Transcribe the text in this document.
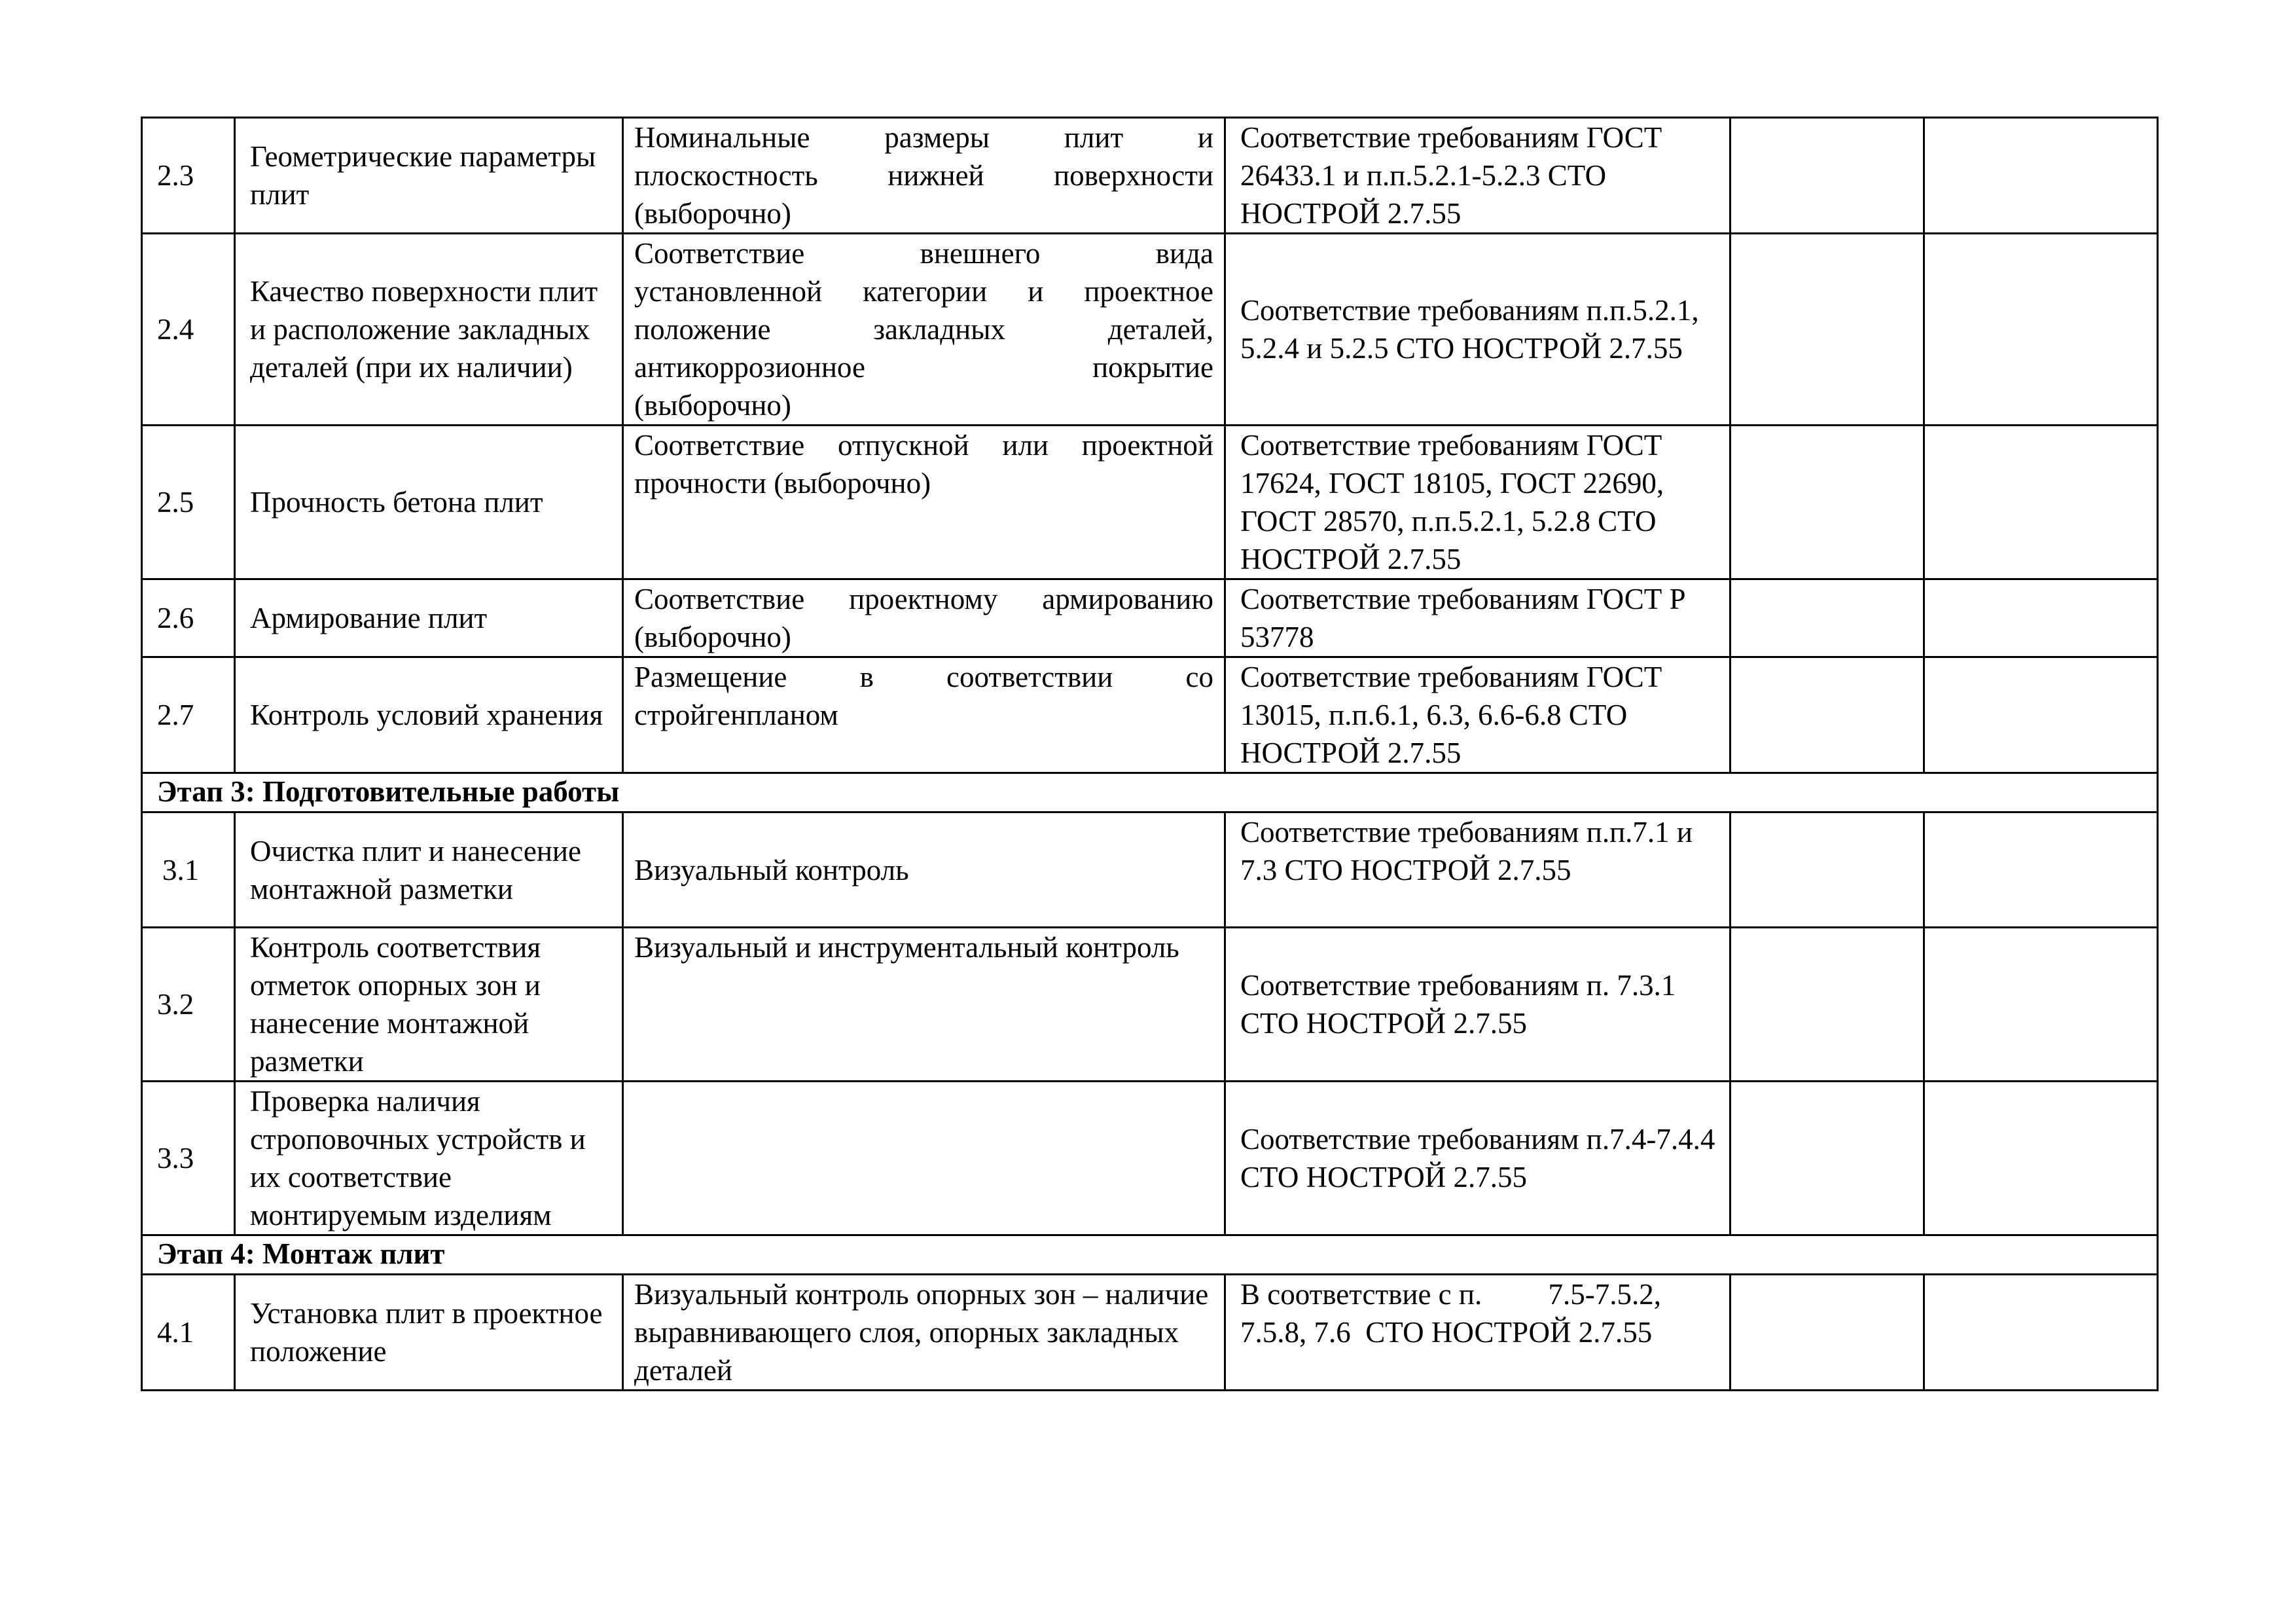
2.3	Геометрические параметры плит	Номинальные размеры плит и
плоскостность нижней поверхности
(выборочно)	Соответствие требованиям ГОСТ 26433.1 и п.п.5.2.1-5.2.3 СТО НОСТРОЙ 2.7.55		
2.4	Качество поверхности плит и расположение закладных деталей (при их наличии)	Соответствие внешнего вида
установленной категории и проектное
положение закладных деталей,
антикоррозионное покрытие
(выборочно)	Соответствие требованиям п.п.5.2.1, 5.2.4 и 5.2.5 СТО НОСТРОЙ 2.7.55		
2.5	Прочность бетона плит	Соответствие отпускной или проектной
прочности (выборочно)	Соответствие требованиям ГОСТ 17624, ГОСТ 18105, ГОСТ 22690, ГОСТ 28570, п.п.5.2.1, 5.2.8 СТО НОСТРОЙ 2.7.55		
2.6	Армирование плит	Соответствие проектному армированию
(выборочно)	Соответствие требованиям ГОСТ Р 53778		
2.7	Контроль условий хранения	Размещение в соответствии со
стройгенпланом	Соответствие требованиям ГОСТ 13015, п.п.6.1, 6.3, 6.6-6.8 СТО НОСТРОЙ 2.7.55		
Этап 3: Подготовительные работы					
3.1	Очистка плит и нанесение монтажной разметки	Визуальный контроль	Соответствие требованиям п.п.7.1 и 7.3 СТО НОСТРОЙ 2.7.55		
3.2	Контроль соответствия отметок опорных зон и нанесение монтажной разметки	Визуальный и инструментальный контроль	Соответствие требованиям п. 7.3.1 СТО НОСТРОЙ 2.7.55		
3.3	Проверка наличия строповочных устройств и их соответствие монтируемым изделиям		Соответствие требованиям п.7.4-7.4.4 СТО НОСТРОЙ 2.7.55		
Этап 4: Монтаж плит					
4.1	Установка плит в проектное положение	Визуальный контроль опорных зон – наличие выравнивающего слоя, опорных закладных деталей	В соответствие с п.         7.5-7.5.2, 7.5.8, 7.6  СТО НОСТРОЙ 2.7.55		
